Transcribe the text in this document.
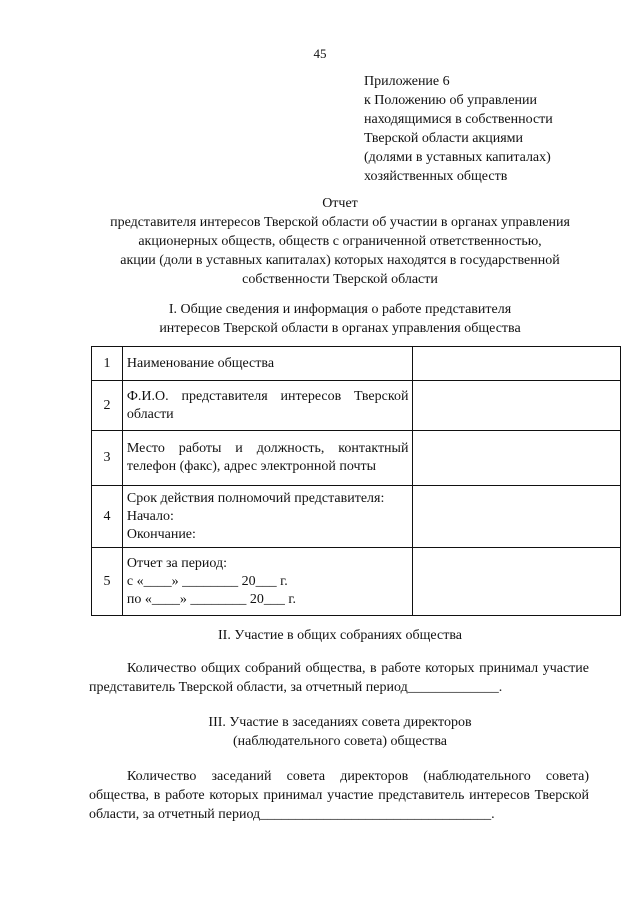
45
Приложение 6
к Положению об управлении
находящимися в собственности
Тверской области акциями
(долями в уставных капиталах)
хозяйственных обществ
Отчет
представителя интересов Тверской области об участии в органах управления
акционерных обществ, обществ с ограниченной ответственностью,
акции (доли в уставных капиталах) которых находятся в государственной
собственности Тверской области
I. Общие сведения и информация о работе представителя
интересов Тверской области в органах управления общества
1	Наименование общества	

2	Ф.И.О. представителя интересов Тверской области	

3	Место работы и должность, контактный телефон (факс), адрес электронной почты	

4	Срок действия полномочий представителя:
Начало:
Окончание:	

5	Отчет за период:
с «____» ________ 20___ г.
по «____» ________ 20___ г.	

II. Участие в общих собраниях общества
Количество общих собраний общества, в работе которых принимал участие представитель Тверской области, за отчетный период_____________.
III. Участие в заседаниях совета директоров
(наблюдательного совета) общества
Количество заседаний совета директоров (наблюдательного совета) общества, в работе которых принимал участие представитель интересов Тверской области, за отчетный период_________________________________.
